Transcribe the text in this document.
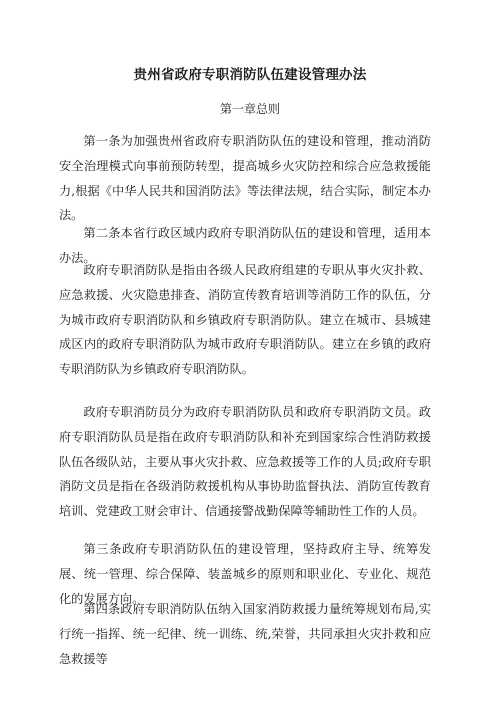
贵州省政府专职消防队伍建设管理办法
第一章总则

第一条为加强贵州省政府专职消防队伍的建设和管理，推动消防安全治理模式向事前预防转型，提高城乡火灾防控和综合应急救援能力,根据《中华人民共和国消防法》等法律法规，结合实际，制定本办法。

第二条本省行政区域内政府专职消防队伍的建设和管理，适用本办法。

政府专职消防队是指由各级人民政府组建的专职从事火灾扑救、应急救援、火灾隐患排查、消防宣传教育培训等消防工作的队伍，分为城市政府专职消防队和乡镇政府专职消防队。建立在城市、县城建成区内的政府专职消防队为城市政府专职消防队。建立在乡镇的政府专职消防队为乡镇政府专职消防队。

政府专职消防员分为政府专职消防队员和政府专职消防文员。政府专职消防队员是指在政府专职消防队和补充到国家综合性消防救援队伍各级队站，主要从事火灾扑救、应急救援等工作的人员;政府专职消防文员是指在各级消防救援机构从事协助监督执法、消防宣传教育培训、党建政工财会审计、信通接警战勤保障等辅助性工作的人员。

第三条政府专职消防队伍的建设管理，坚持政府主导、统筹发展、统一管理、综合保障、装盖城乡的原则和职业化、专业化、规范化的发展方向。

第四条政府专职消防队伍纳入国家消防救援力量统筹规划布局,实行统一指挥、统一纪律、统一训练、统,荣誉，共同承担火灾扑救和应急救援等
